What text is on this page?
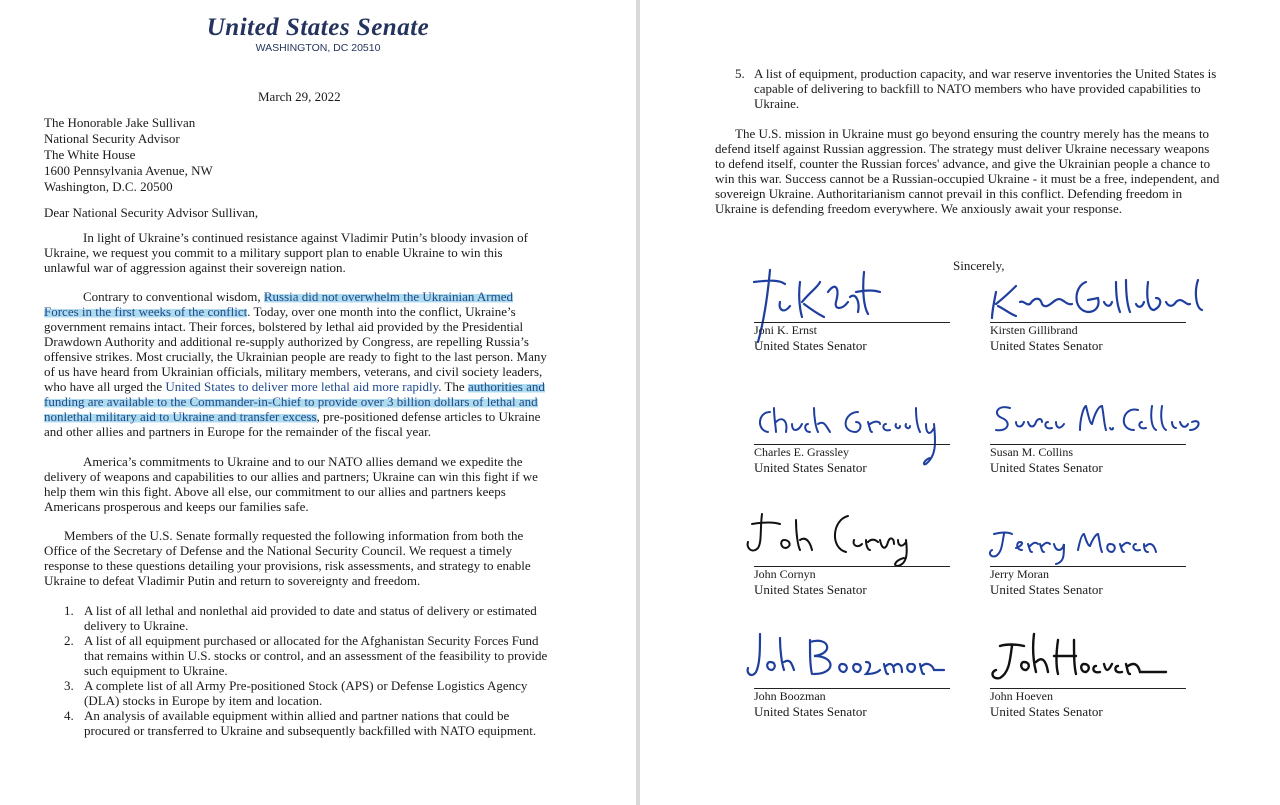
United States Senate
WASHINGTON, DC 20510
March 29, 2022
The Honorable Jake Sullivan
National Security Advisor
The White House
1600 Pennsylvania Avenue, NW
Washington, D.C. 20500
Dear National Security Advisor Sullivan,
In light of Ukraine’s continued resistance against Vladimir Putin’s bloody invasion of
Ukraine, we request you commit to a military support plan to enable Ukraine to win this
unlawful war of aggression against their sovereign nation.
Contrary to conventional wisdom, Russia did not overwhelm the Ukrainian Armed
Forces in the first weeks of the conflict. Today, over one month into the conflict, Ukraine’s
government remains intact. Their forces, bolstered by lethal aid provided by the Presidential
Drawdown Authority and additional re-supply authorized by Congress, are repelling Russia’s
offensive strikes. Most crucially, the Ukrainian people are ready to fight to the last person. Many
of us have heard from Ukrainian officials, military members, veterans, and civil society leaders,
who have all urged the United States to deliver more lethal aid more rapidly. The authorities and
funding are available to the Commander-in-Chief to provide over 3 billion dollars of lethal and
nonlethal military aid to Ukraine and transfer excess, pre-positioned defense articles to Ukraine
and other allies and partners in Europe for the remainder of the fiscal year.
America’s commitments to Ukraine and to our NATO allies demand we expedite the
delivery of weapons and capabilities to our allies and partners; Ukraine can win this fight if we
help them win this fight. Above all else, our commitment to our allies and partners keeps
Americans prosperous and keeps our families safe.
Members of the U.S. Senate formally requested the following information from both the
Office of the Secretary of Defense and the National Security Council. We request a timely
response to these questions detailing your provisions, risk assessments, and strategy to enable
Ukraine to defeat Vladimir Putin and return to sovereignty and freedom.
1. A list of all lethal and nonlethal aid provided to date and status of delivery or estimated
delivery to Ukraine.
2. A list of all equipment purchased or allocated for the Afghanistan Security Forces Fund
that remains within U.S. stocks or control, and an assessment of the feasibility to provide
such equipment to Ukraine.
3. A complete list of all Army Pre-positioned Stock (APS) or Defense Logistics Agency
(DLA) stocks in Europe by item and location.
4. An analysis of available equipment within allied and partner nations that could be
procured or transferred to Ukraine and subsequently backfilled with NATO equipment.
5. A list of equipment, production capacity, and war reserve inventories the United States is
capable of delivering to backfill to NATO members who have provided capabilities to
Ukraine.
The U.S. mission in Ukraine must go beyond ensuring the country merely has the means to
defend itself against Russian aggression. The strategy must deliver Ukraine necessary weapons
to defend itself, counter the Russian forces' advance, and give the Ukrainian people a chance to
win this war. Success cannot be a Russian-occupied Ukraine - it must be a free, independent, and
sovereign Ukraine. Authoritarianism cannot prevail in this conflict. Defending freedom in
Ukraine is defending freedom everywhere. We anxiously await your response.
Sincerely,
Joni K. Ernst
United States Senator
Kirsten Gillibrand
United States Senator
Charles E. Grassley
United States Senator
Susan M. Collins
United States Senator
John Cornyn
United States Senator
Jerry Moran
United States Senator
John Boozman
United States Senator
John Hoeven
United States Senator
